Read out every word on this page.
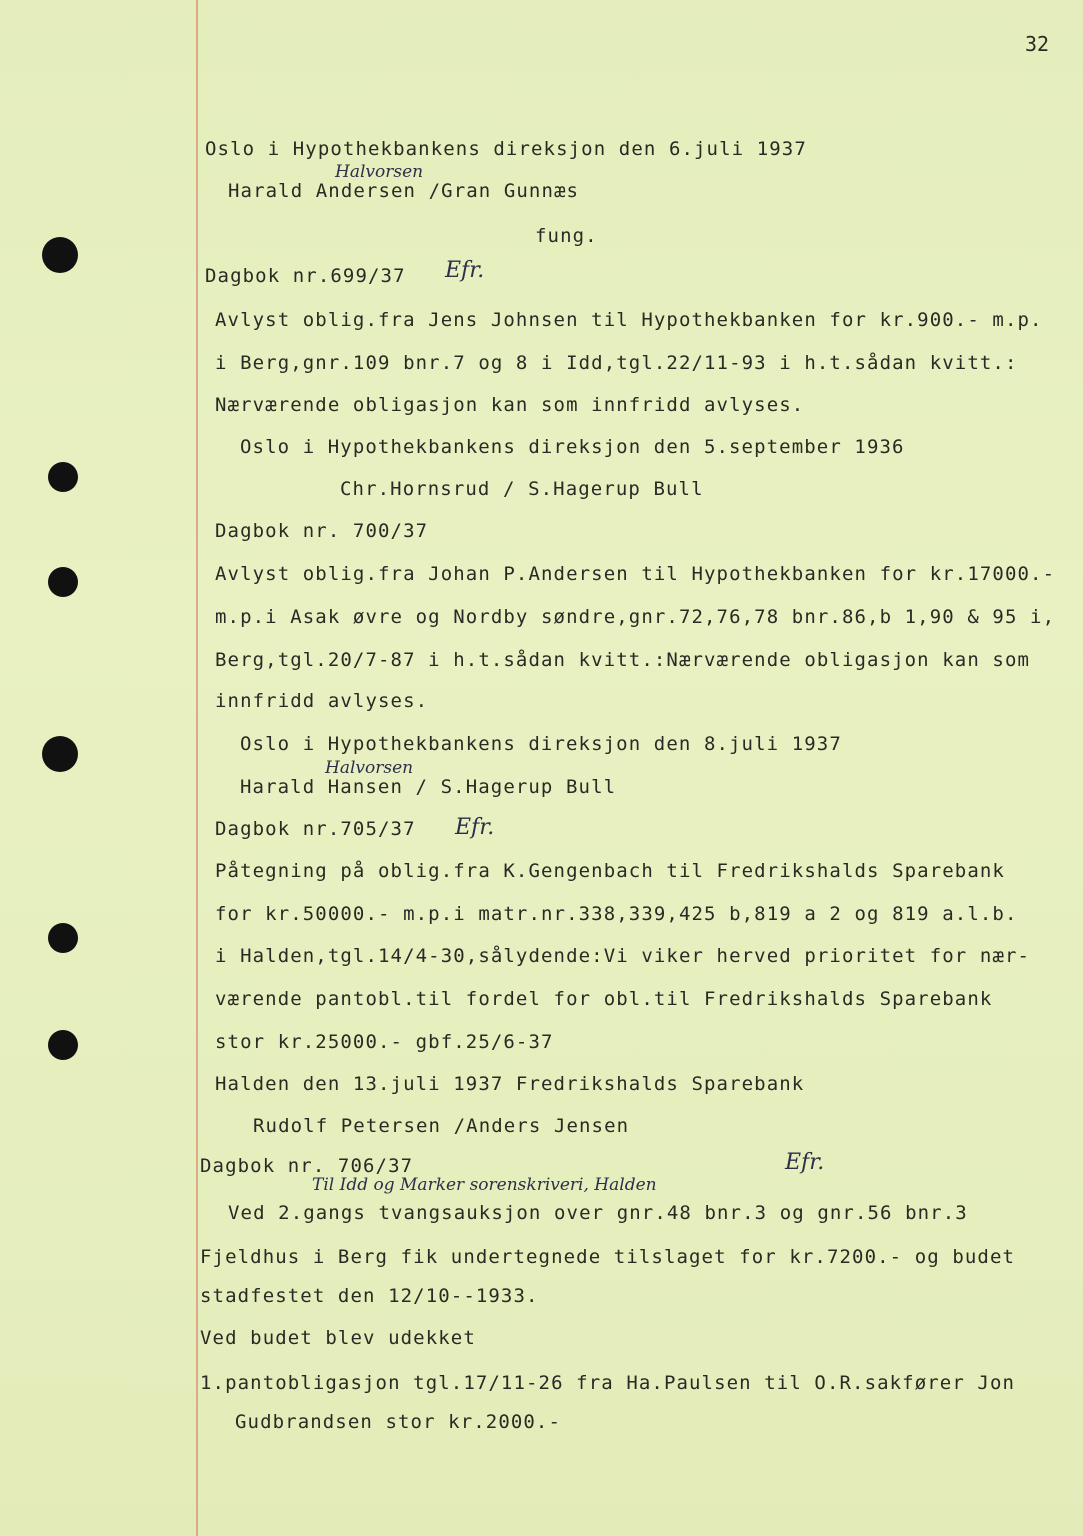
32
Oslo i Hypothekbankens direksjon den 6.juli 1937
Harald Andersen /Gran Gunnæs
fung.
Dagbok nr.699/37
Avlyst oblig.fra Jens Johnsen til Hypothekbanken for kr.900.- m.p.
i Berg,gnr.109 bnr.7 og 8 i Idd,tgl.22/11-93 i h.t.sådan kvitt.:
Nærværende obligasjon kan som innfridd avlyses.
Oslo i Hypothekbankens direksjon den 5.september 1936
Chr.Hornsrud / S.Hagerup Bull
Dagbok nr. 700/37
Avlyst oblig.fra Johan P.Andersen til Hypothekbanken for kr.17000.-
m.p.i Asak øvre og Nordby søndre,gnr.72,76,78 bnr.86,b 1,90 & 95 i,
Berg,tgl.20/7-87 i h.t.sådan kvitt.:Nærværende obligasjon kan som
innfridd avlyses.
Oslo i Hypothekbankens direksjon den 8.juli 1937
Harald Hansen / S.Hagerup Bull
Dagbok nr.705/37
Påtegning på oblig.fra K.Gengenbach til Fredrikshalds Sparebank
for kr.50000.- m.p.i matr.nr.338,339,425 b,819 a 2 og 819 a.l.b.
i Halden,tgl.14/4-30,sålydende:Vi viker herved prioritet for nær-
værende pantobl.til fordel for obl.til Fredrikshalds Sparebank
stor kr.25000.- gbf.25/6-37
Halden den 13.juli 1937 Fredrikshalds Sparebank
Rudolf Petersen /Anders Jensen
Dagbok nr. 706/37
Ved 2.gangs tvangsauksjon over gnr.48 bnr.3 og gnr.56 bnr.3
Fjeldhus i Berg fik undertegnede tilslaget for kr.7200.- og budet
stadfestet den 12/10--1933.
Ved budet blev udekket
1.pantobligasjon tgl.17/11-26 fra Ha.Paulsen til O.R.sakfører Jon
Gudbrandsen stor kr.2000.-
Halvorsen
Efr.
Halvorsen
Efr.
Efr.
Til Idd og Marker sorenskriveri, Halden
